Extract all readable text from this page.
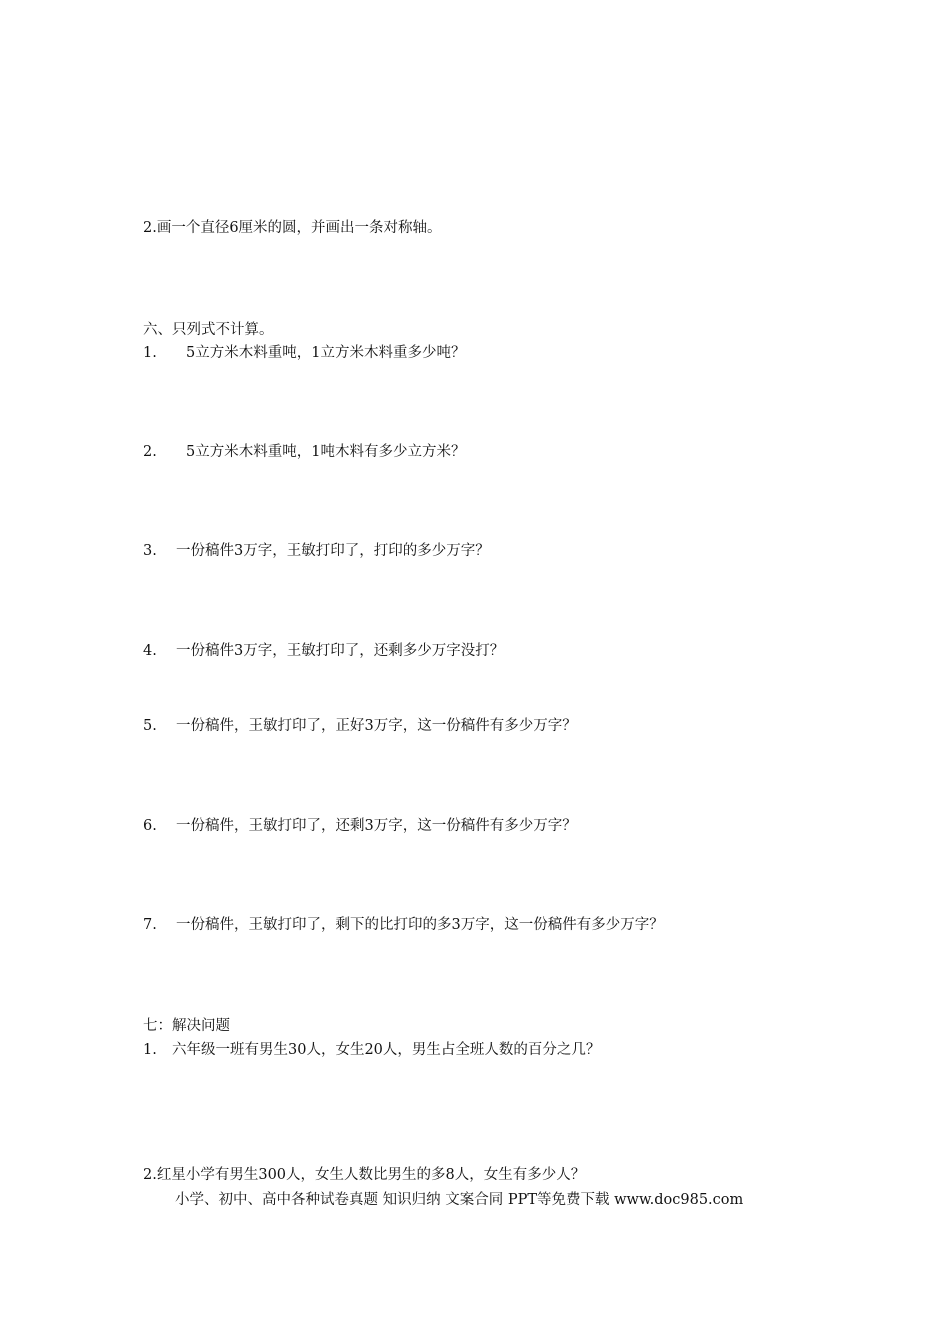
2.画一个直径6厘米的圆，并画出一条对称轴。
六、只列式不计算。
1. 5立方米木料重吨，1立方米木料重多少吨？
2. 5立方米木料重吨，1吨木料有多少立方米？
3. 一份稿件3万字，王敏打印了，打印的多少万字？
4. 一份稿件3万字，王敏打印了，还剩多少万字没打？
5. 一份稿件，王敏打印了，正好3万字，这一份稿件有多少万字？
6. 一份稿件，王敏打印了，还剩3万字，这一份稿件有多少万字？
7. 一份稿件，王敏打印了，剩下的比打印的多3万字，这一份稿件有多少万字？
七：解决问题
1. 六年级一班有男生30人，女生20人，男生占全班人数的百分之几？
2.红星小学有男生300人，女生人数比男生的多8人，女生有多少人？
小学、初中、高中各种试卷真题 知识归纳 文案合同 PPT等免费下载 www.doc985.com
